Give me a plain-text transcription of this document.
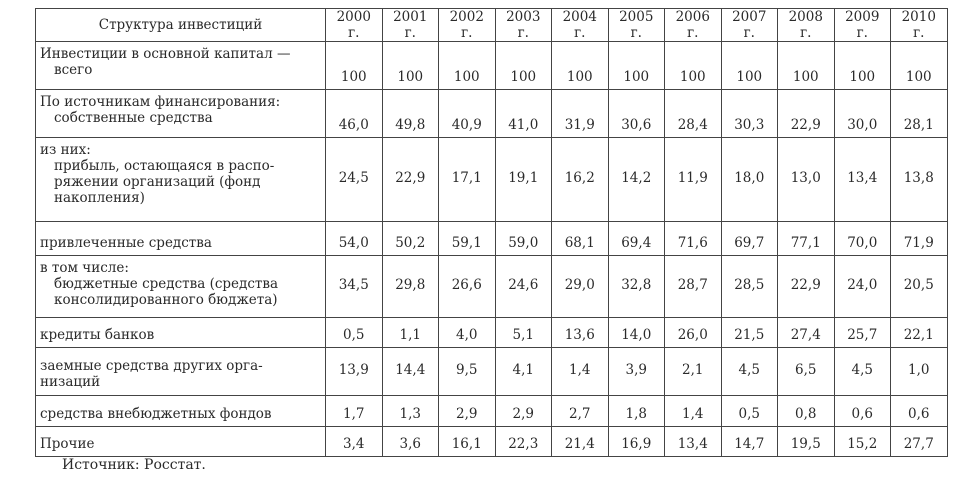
Структура инвестиций	2000 г.	2001 г.	2002 г.	2003 г.	2004 г.	2005 г.	2006 г.	2007 г.	2008 г.	2009 г.	2010 г.
Инвестиции в основной капитал —

всего	100	100	100	100	100	100	100	100	100	100	100
По источникам финансирования:

собственные средства	46,0	49,8	40,9	41,0	31,9	30,6	28,4	30,3	22,9	30,0	28,1
из них:

прибыль, остающаяся в распо-ряжении организаций (фонд накопления)	24,5	22,9	17,1	19,1	16,2	14,2	11,9	18,0	13,0	13,4	13,8
привлеченные средства	54,0	50,2	59,1	59,0	68,1	69,4	71,6	69,7	77,1	70,0	71,9
в том числе:

бюджетные средства (средства консолидированного бюджета)	34,5	29,8	26,6	24,6	29,0	32,8	28,7	28,5	22,9	24,0	20,5
кредиты банков	0,5	1,1	4,0	5,1	13,6	14,0	26,0	21,5	27,4	25,7	22,1
заемные средства других орга-низаций	13,9	14,4	9,5	4,1	1,4	3,9	2,1	4,5	6,5	4,5	1,0
средства внебюджетных фондов	1,7	1,3	2,9	2,9	2,7	1,8	1,4	0,5	0,8	0,6	0,6
Прочие	3,4	3,6	16,1	22,3	21,4	16,9	13,4	14,7	19,5	15,2	27,7
Источник: Росстат.
